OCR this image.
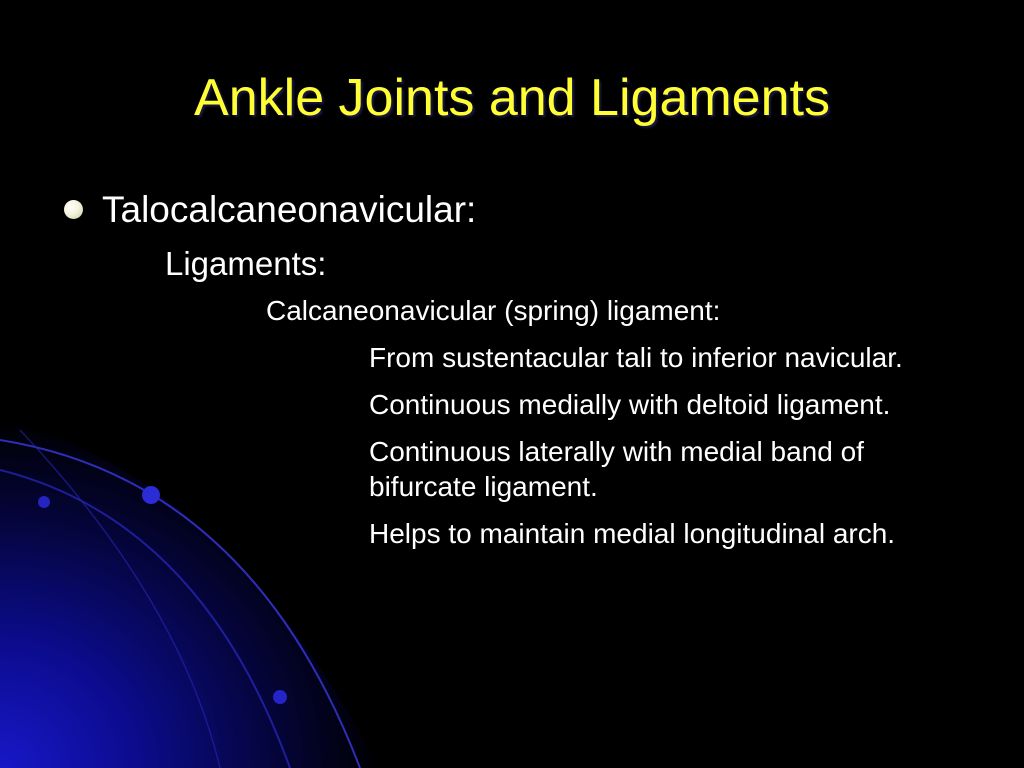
Ankle Joints and Ligaments
Talocalcaneonavicular:
Ligaments:
Calcaneonavicular (spring) ligament:
From sustentacular tali to inferior navicular.
Continuous medially with deltoid ligament.
Continuous laterally with medial band of bifurcate ligament.
Helps to maintain medial longitudinal arch.
